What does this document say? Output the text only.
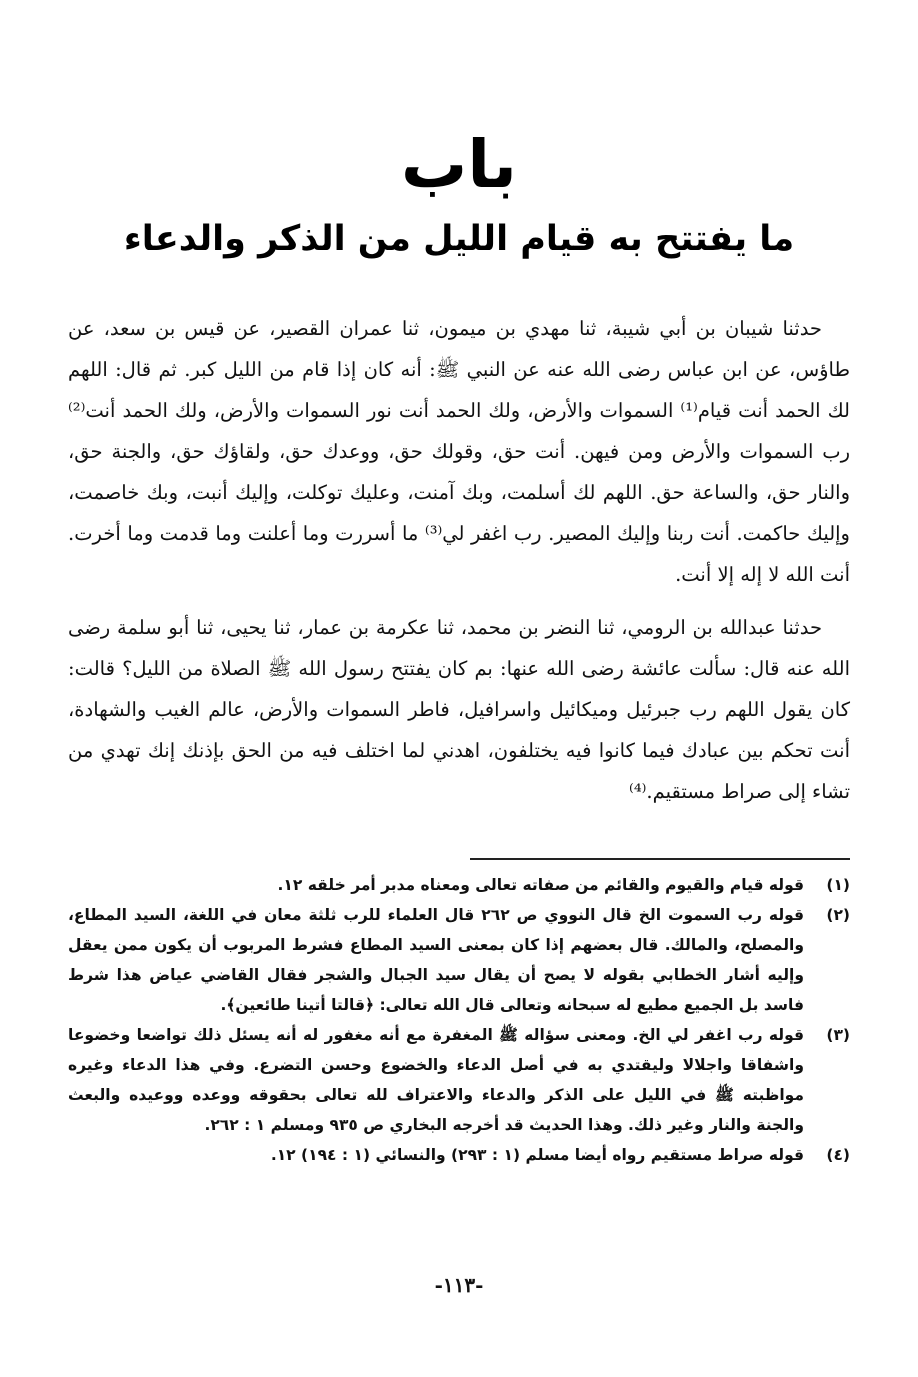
باب
ما يفتتح به قيام الليل من الذكر والدعاء

حدثنا شيبان بن أبي شيبة، ثنا مهدي بن ميمون، ثنا عمران القصير، عن قيس بن سعد، عن طاؤس، عن ابن عباس رضى الله عنه عن النبي ﷺ: أنه كان إذا قام من الليل كبر. ثم قال: اللهم لك الحمد أنت قيام⁽¹⁾ السموات والأرض، ولك الحمد أنت نور السموات والأرض، ولك الحمد أنت⁽²⁾ رب السموات والأرض ومن فيهن. أنت حق، وقولك حق، ووعدك حق، ولقاؤك حق، والجنة حق، والنار حق، والساعة حق. اللهم لك أسلمت، وبك آمنت، وعليك توكلت، وإليك أنبت، وبك خاصمت، وإليك حاكمت. أنت ربنا وإليك المصير. رب اغفر لي⁽³⁾ ما أسررت وما أعلنت وما قدمت وما أخرت. أنت الله لا إله إلا أنت.

حدثنا عبدالله بن الرومي، ثنا النضر بن محمد، ثنا عكرمة بن عمار، ثنا يحيى، ثنا أبو سلمة رضى الله عنه قال: سألت عائشة رضى الله عنها: بم كان يفتتح رسول الله ﷺ الصلاة من الليل؟ قالت: كان يقول اللهم رب جبرئيل وميكائيل واسرافيل، فاطر السموات والأرض، عالم الغيب والشهادة، أنت تحكم بين عبادك فيما كانوا فيه يختلفون، اهدني لما اختلف فيه من الحق بإذنك إنك تهدي من تشاء إلى صراط مستقيم.⁽⁴⁾

(١)
قوله قيام والقيوم والقائم من صفاته تعالى ومعناه مدبر أمر خلقه ١٢.
(٢)
قوله رب السموت الخ قال النووي ص ٢٦٢ قال العلماء للرب ثلثة معان في اللغة، السيد المطاع، والمصلح، والمالك. قال بعضهم إذا كان بمعنى السيد المطاع فشرط المربوب أن يكون ممن يعقل وإليه أشار الخطابي بقوله لا يصح أن يقال سيد الجبال والشجر فقال القاضي عياض هذا شرط فاسد بل الجميع مطيع له سبحانه وتعالى قال الله تعالى: ﴿قالتا أتينا طائعين﴾.
(٣)
قوله رب اغفر لي الخ. ومعنى سؤاله ﷺ المغفرة مع أنه مغفور له أنه يسئل ذلك تواضعا وخضوعا واشفاقا واجلالا وليقتدي به في أصل الدعاء والخضوع وحسن التضرع. وفي هذا الدعاء وغيره مواظبته ﷺ في الليل على الذكر والدعاء والاعتراف لله تعالى بحقوقه ووعده ووعيده والبعث والجنة والنار وغير ذلك. وهذا الحديث قد أخرجه البخاري ص ٩٣٥ ومسلم ١ : ٢٦٢.
(٤)
قوله صراط مستقيم رواه أيضا مسلم (١ : ٢٩٣) والنسائي (١ : ١٩٤) ١٢.
-١١٣-
